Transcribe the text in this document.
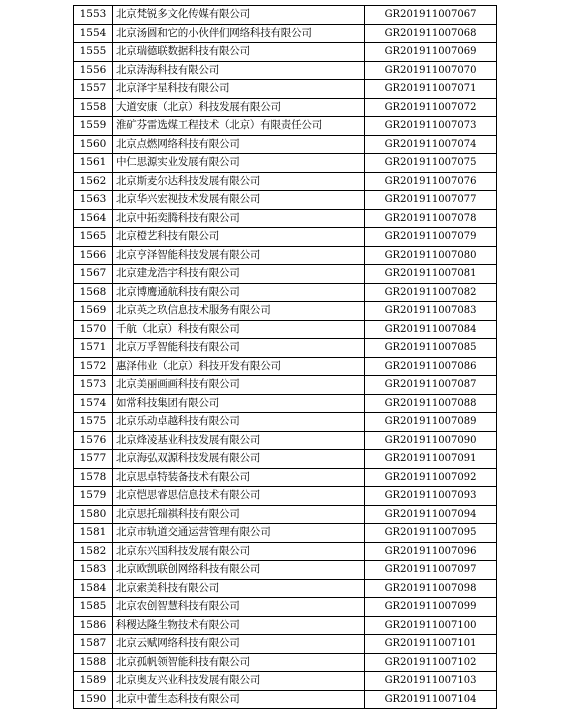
1553	北京梵锐多文化传媒有限公司	GR201911007067
1554	北京汤圆和它的小伙伴们网络科技有限公司	GR201911007068
1555	北京瑞德联数据科技有限公司	GR201911007069
1556	北京涛海科技有限公司	GR201911007070
1557	北京泽宇星科技有限公司	GR201911007071
1558	大道安康（北京）科技发展有限公司	GR201911007072
1559	淮矿芬雷选煤工程技术（北京）有限责任公司	GR201911007073
1560	北京点燃网络科技有限公司	GR201911007074
1561	中仁思源实业发展有限公司	GR201911007075
1562	北京斯麦尔达科技发展有限公司	GR201911007076
1563	北京华兴宏视技术发展有限公司	GR201911007077
1564	北京中拓奕腾科技有限公司	GR201911007078
1565	北京橙艺科技有限公司	GR201911007079
1566	北京亨泽智能科技发展有限公司	GR201911007080
1567	北京建龙浩宇科技有限公司	GR201911007081
1568	北京博鹰通航科技有限公司	GR201911007082
1569	北京英之玖信息技术服务有限公司	GR201911007083
1570	千航（北京）科技有限公司	GR201911007084
1571	北京万孚智能科技有限公司	GR201911007085
1572	惠泽伟业（北京）科技开发有限公司	GR201911007086
1573	北京美丽画画科技有限公司	GR201911007087
1574	如常科技集团有限公司	GR201911007088
1575	北京乐动卓越科技有限公司	GR201911007089
1576	北京烽凌基业科技发展有限公司	GR201911007090
1577	北京海弘双源科技发展有限公司	GR201911007091
1578	北京思卓特装备技术有限公司	GR201911007092
1579	北京恺思睿思信息技术有限公司	GR201911007093
1580	北京思托瑞祺科技有限公司	GR201911007094
1581	北京市轨道交通运营管理有限公司	GR201911007095
1582	北京东兴国科技发展有限公司	GR201911007096
1583	北京欧凯联创网络科技有限公司	GR201911007097
1584	北京索美科技有限公司	GR201911007098
1585	北京农创智慧科技有限公司	GR201911007099
1586	科稷达隆生物技术有限公司	GR201911007100
1587	北京云赋网络科技有限公司	GR201911007101
1588	北京孤帆领智能科技有限公司	GR201911007102
1589	北京奥友兴业科技发展有限公司	GR201911007103
1590	北京中蕾生态科技有限公司	GR201911007104
